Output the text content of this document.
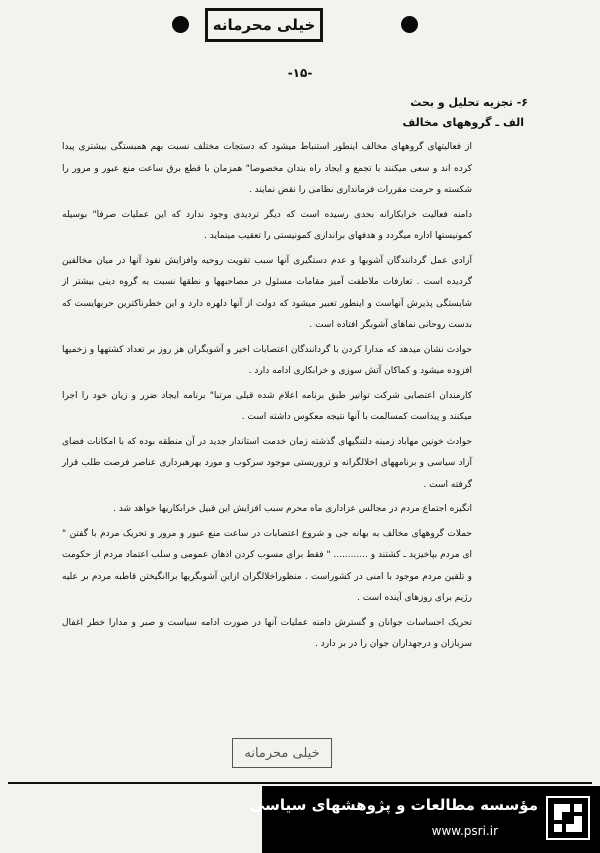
خیلی محرمانه
-۱۵-
۶- تجزیه تحلیل و بحث
الف ـ گروههای مخالف

از فعالیتهای گروههای مخالف اینطور استنباط میشود که دستجات مختلف نسبت بهم همبستگی بیشتری پیدا کرده اند و سعی میکنند با تجمع و ایجاد راه بندان مخصوصا" همزمان با قطع برق ساعت منع عبور و مرور را شکسته و حرمت مقررات فرمانداری نظامی را نقض نمایند .

دامنه فعالیت خرابکارانه بحدی رسیده است که دیگر تردیدی وجود ندارد که این عملیات صرفا" بوسیله کمونیستها اداره میگردد و هدفهای براندازی کمونیستی را تعقیب مینماید .

آزادی عمل گردانندگان آشوبها و عدم دستگیری آنها سبب تقویت روحیه وافزایش نفوذ آنها در میان مخالفین گردیده است . تعارفات ملاطفت آمیز مقامات مسئول در مصاحبهها و نطقها نسبت به گروه دینی بیشتر از شایستگی پذیرش آنهاست و اینطور تعبیر میشود که دولت از آنها دلهره دارد و این خطرناکترین حربهایست که بدست روحانی نماهای آشوبگر افتاده است .

حوادث نشان میدهد که مدارا کردن با گردانندگان اعتصابات اخیر و آشوبگران هر روز بر تعداد کشتهها و زخمیها افزوده میشود و کماکان آتش سوزی و خرابکاری ادامه دارد .

کارمندان اعتصابی شرکت توانیر طبق برنامه اعلام شده قبلی مرتبا" برنامه ایجاد ضرر و زیان خود را اجرا میکنند و پیداست کمسالمت با آنها نتیجه معکوس داشته است .

حوادث خونین مهاباد زمینه دلتنگیهای گذشته زمان خدمت استاندار جدید در آن منطقه بوده که با امکانات فضای آزاد سیاسی و برنامههای اخلالگرانه و تروریستی موجود سرکوب و مورد بهرهبرداری عناصر فرصت طلب قرار گرفته است .

انگیزه اجتماع مردم در مجالس عزاداری ماه محرم سبب افزایش این قبیل خرابکاریها خواهد شد .

حملات گروههای مخالف به بهانه جی و شروع اعتصابات در ساعت منع عبور و مرور و تحریک مردم با گفتن " ای مردم بپاخیزید ـ کشتند و ............ " فقط برای مسوب کردن اذهان عمومی و سلب اعتماد مردم از حکومت و تلقین مردم موجود با امنی در کشوراست . منظوراخلالگران ازاین آشوبگریها براانگیختن قاطبه مردم بر علیه رژیم برای روزهای آینده است .

تحریک احساسات جوانان و گسترش دامنه عملیات آنها در صورت ادامه سیاست و صبر و مدارا خطر اغفال سربازان و درجهداران جوان را در بر دارد .

خیلی محرمانه
مؤسسه مطالعات و پژوهشهای سیاسی
www.psri.ir
